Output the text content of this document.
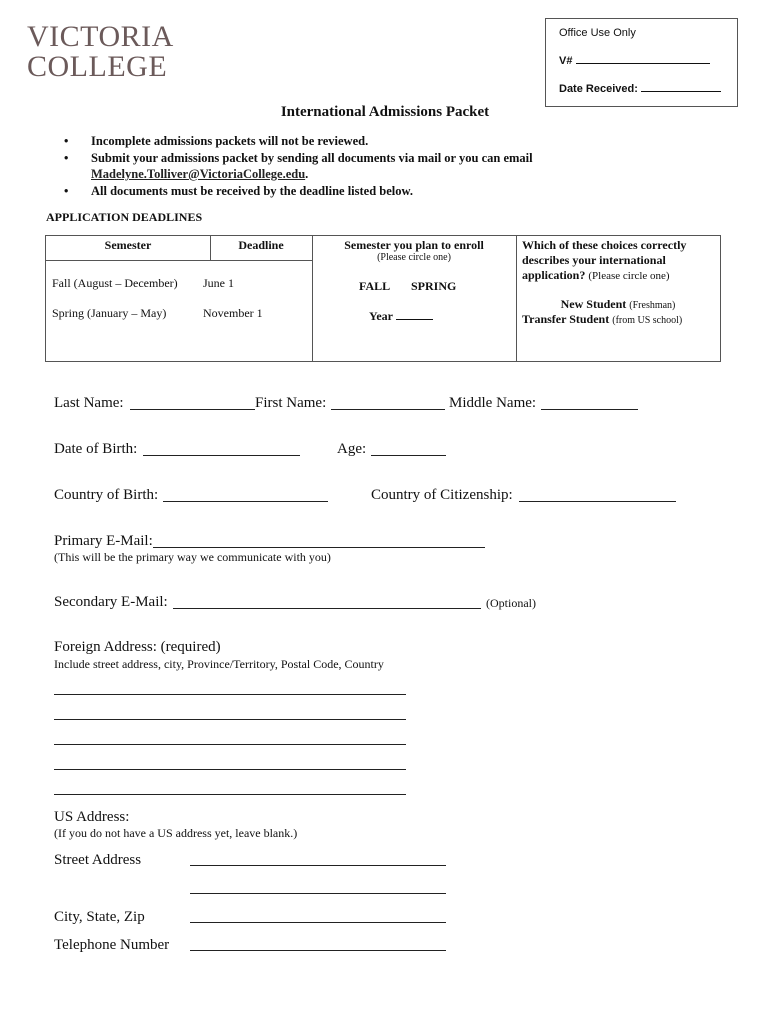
VICTORIA
COLLEGE
Office Use Only
V#
Date Received:
International Admissions Packet
• Incomplete admissions packets will not be reviewed.
• Submit your admissions packet by sending all documents via mail or you can email
Madelyne.Tolliver@VictoriaCollege.edu.
• All documents must be received by the deadline listed below.
APPLICATION DEADLINES
Semester	Deadline
Fall (August – December) June 1
Spring (January – May)	November 1
Semester you plan to enroll
(Please circle one)
FALL SPRING
Year
Which of these choices correctly describes your international application? (Please circle one)
New Student (Freshman)
Transfer Student (from US school)
Last Name:	First Name:	Middle Name:
Date of Birth:	Age:
Country of Birth:	Country of Citizenship:
Primary E-Mail:
(This will be the primary way we communicate with you)
Secondary E-Mail:	(Optional)
Foreign Address: (required)
Include street address, city, Province/Territory, Postal Code, Country
US Address:
(If you do not have a US address yet, leave blank.)
Street Address
City, State, Zip
Telephone Number
